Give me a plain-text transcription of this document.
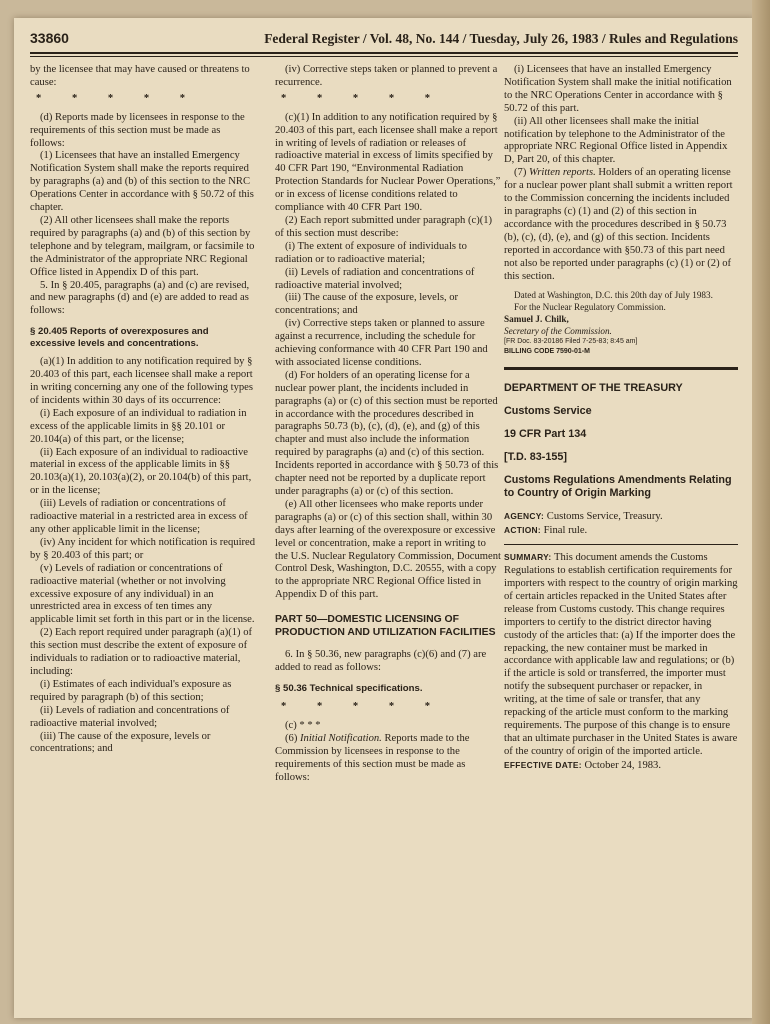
33860	Federal Register / Vol. 48, No. 144 / Tuesday, July 26, 1983 / Rules and Regulations

by the licensee that may have caused or threatens to cause:

* * * * *

(d) Reports made by licensees in response to the requirements of this section must be made as follows:

(1) Licensees that have an installed Emergency Notification System shall make the reports required by paragraphs (a) and (b) of this section to the NRC Operations Center in accordance with § 50.72 of this chapter.

(2) All other licensees shall make the reports required by paragraphs (a) and (b) of this section by telephone and by telegram, mailgram, or facsimile to the Administrator of the appropriate NRC Regional Office listed in Appendix D of this part.

5. In § 20.405, paragraphs (a) and (c) are revised, and new paragraphs (d) and (e) are added to read as follows:

§ 20.405 Reports of overexposures and excessive levels and concentrations.

(a)(1) In addition to any notification required by § 20.403 of this part, each licensee shall make a report in writing concerning any one of the following types of incidents within 30 days of its occurrence:

(i) Each exposure of an individual to radiation in excess of the applicable limits in §§ 20.101 or 20.104(a) of this part, or the license;

(ii) Each exposure of an individual to radioactive material in excess of the applicable limits in §§ 20.103(a)(1), 20.103(a)(2), or 20.104(b) of this part, or in the license;

(iii) Levels of radiation or concentrations of radioactive material in a restricted area in excess of any other applicable limit in the license;

(iv) Any incident for which notification is required by § 20.403 of this part; or

(v) Levels of radiation or concentrations of radioactive material (whether or not involving excessive exposure of any individual) in an unrestricted area in excess of ten times any applicable limit set forth in this part or in the license.

(2) Each report required under paragraph (a)(1) of this section must describe the extent of exposure of individuals to radiation or to radioactive material, including:

(i) Estimates of each individual's exposure as required by paragraph (b) of this section;

(ii) Levels of radiation and concentrations of radioactive material involved;

(iii) The cause of the exposure, levels or concentrations; and

(iv) Corrective steps taken or planned to prevent a recurrence.

* * * * *

(c)(1) In addition to any notification required by § 20.403 of this part, each licensee shall make a report in writing of levels of radiation or releases of radioactive material in excess of limits specified by 40 CFR Part 190, “Environmental Radiation Protection Standards for Nuclear Power Operations,” or in excess of license conditions related to compliance with 40 CFR Part 190.

(2) Each report submitted under paragraph (c)(1) of this section must describe:

(i) The extent of exposure of individuals to radiation or to radioactive material;

(ii) Levels of radiation and concentrations of radioactive material involved;

(iii) The cause of the exposure, levels, or concentrations; and

(iv) Corrective steps taken or planned to assure against a recurrence, including the schedule for achieving conformance with 40 CFR Part 190 and with associated license conditions.

(d) For holders of an operating license for a nuclear power plant, the incidents included in paragraphs (a) or (c) of this section must be reported in accordance with the procedures described in paragraphs 50.73 (b), (c), (d), (e), and (g) of this chapter and must also include the information required by paragraphs (a) and (c) of this section. Incidents reported in accordance with § 50.73 of this chapter need not be reported by a duplicate report under paragraphs (a) or (c) of this section.

(e) All other licensees who make reports under paragraphs (a) or (c) of this section shall, within 30 days after learning of the overexposure or excessive level or concentration, make a report in writing to the U.S. Nuclear Regulatory Commission, Document Control Desk, Washington, D.C. 20555, with a copy to the appropriate NRC Regional Office listed in Appendix D of this part.

PART 50—DOMESTIC LICENSING OF PRODUCTION AND UTILIZATION FACILITIES

6. In § 50.36, new paragraphs (c)(6) and (7) are added to read as follows:

§ 50.36 Technical specifications.

* * * * *

(c) * * *

(6) Initial Notification. Reports made to the Commission by licensees in response to the requirements of this section must be made as follows:

(i) Licensees that have an installed Emergency Notification System shall make the initial notification to the NRC Operations Center in accordance with § 50.72 of this part.

(ii) All other licensees shall make the initial notification by telephone to the Administrator of the appropriate NRC Regional Office listed in Appendix D, Part 20, of this chapter.

(7) Written reports. Holders of an operating license for a nuclear power plant shall submit a written report to the Commission concerning the incidents included in paragraphs (c) (1) and (2) of this section in accordance with the procedures described in § 50.73 (b), (c), (d), (e), and (g) of this section. Incidents reported in accordance with §50.73 of this part need not also be reported under paragraphs (c) (1) or (2) of this section.

Dated at Washington, D.C. this 20th day of July 1983.

For the Nuclear Regulatory Commission.

Samuel J. Chilk,

Secretary of the Commission.

[FR Doc. 83-20186 Filed 7-25-83; 8:45 am]

BILLING CODE 7590-01-M

DEPARTMENT OF THE TREASURY

Customs Service

19 CFR Part 134

[T.D. 83-155]

Customs Regulations Amendments Relating to Country of Origin Marking

AGENCY: Customs Service, Treasury.

ACTION: Final rule.

SUMMARY: This document amends the Customs Regulations to establish certification requirements for importers with respect to the country of origin marking of certain articles repacked in the United States after release from Customs custody. This change requires importers to certify to the district director having custody of the articles that: (a) If the importer does the repacking, the new container must be marked in accordance with applicable law and regulations; or (b) if the article is sold or transferred, the importer must notify the subsequent purchaser or repacker, in writing, at the time of sale or transfer, that any repacking of the article must conform to the marking requirements. The purpose of this change is to ensure that an ultimate purchaser in the United States is aware of the country of origin of the imported article.

EFFECTIVE DATE: October 24, 1983.
